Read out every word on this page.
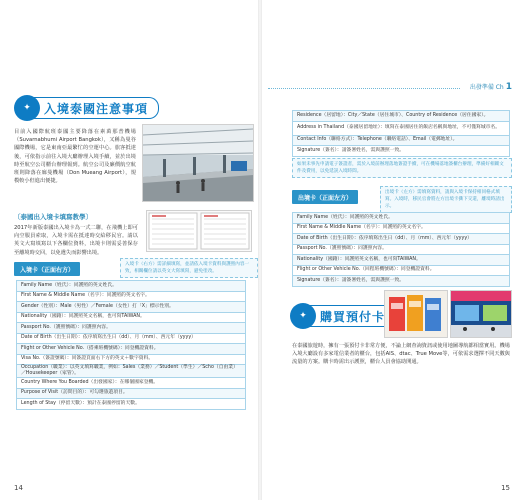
✦	入境泰國注意事項
目前入國際航班泰國主要降落在素萬那普機場（Suvarnabhumi Airport Bangkok），又稱為曼谷國際機場，它是東南亞最繁忙的空運中心。旅客抵達後，可依指示前往入境大廳辦理入境手續，並於出境時至航空公司櫃台辦理報到。航空公司及廉價航空航班則降落在廊曼機場（Don Mueang Airport），規模較小但進出便捷。
〔泰國出入境卡填寫教學〕
2017年新版泰國出入境卡為一式二聯，在飛機上即可向空服員索取，入境卡需在抵達時交給移民官。請以英文大寫填寫以下各欄位資料，出境卡則需妥善保存至離境時交回，以免遺失而影響出境。
入境卡（正面右方）
入境卡（右方）需詳細填寫，並請依入境卡資料與護照內容一致，相關欄位請以英文大寫填寫，避免塗改。
Family Name（姓氏）：同護照的英文姓氏。
First Name & Middle Name（名字）：同護照的英文名字。
Gender（性別）：Male（男性）／Female（女性）打「X」標示性別。
Nationality（國籍）：同護照英文名稱，也可寫TAIWAN。
Passport No.（護照號碼）：同護照內容。
Date of Birth（出生日期）：依序填寫出生日（dd）、月（mm）、西元年（yyyy）
Flight or Other Vehicle No.（搭乘班機號碼）：同登機證資料。
Visa No.（簽證號碼）：同簽證頁面右下方的英文＋數字資料。
Occupation（職業）：以英文填寫職業，例如：Sales（業務）／Student（學生）／Scho（自由業）／Housekeeper（家管）。
Country Where You Boarded（出發國家）：在哪個國家登機。
Purpose of Visit（訪問目的）：可勾選旅遊項目。
Length of Stay（停留天數）：預計在泰國停留的天數。
14
出發準備 Ch 1
Residence（居留地）：City／State（居住城市）、Country of Residence（居住國家）。
Address in Thailand（泰國居留地址）：填寫在泰國居住的飯店名稱與地址，不可僅寫城市名。
Contact Info（聯絡方式）：Telephone（聯絡電話）、Email（電郵地址）。
Signature（簽名）：請簽署姓名，需與護照一致。
如果未事先申請電子簽證者，需於入境前辦理落地簽證手續，可在機場落地簽櫃台辦理，準備好相關文件及費用，以免延誤入境時間。
出境卡（正面左方）
出境卡（左方）需填寫資料，請與入境卡保持相同格式填寫。入境時，移民官會將左方出境卡撕下交還，離境時請出示。
Family Name（姓氏）：同護照的英文姓氏。
First Name & Middle Name（名字）：同護照的英文名字。
Date of Birth（出生日期）：依序填寫出生日（dd）、月（mm）、西元年（yyyy）
Passport No.（護照號碼）：同護照內容。
Nationality（國籍）：同護照英文名稱，也可寫TAIWAN。
Flight or Other Vehicle No.（回程班機號碼）：同登機證資料。
Signature（簽名）：請簽署姓名，需與護照一致。
✦	購買預付卡
在泰國旅遊時，擁有一張預付卡非常方便，不論上網查詢資訊或使用地圖導航都相當實用。機場入境大廳設有多家電信業者的櫃台，包括AIS、dtac、True Move等，可依需求選擇不同天數與流量的方案。購卡時需出示護照，櫃台人員會協助開通。
15
